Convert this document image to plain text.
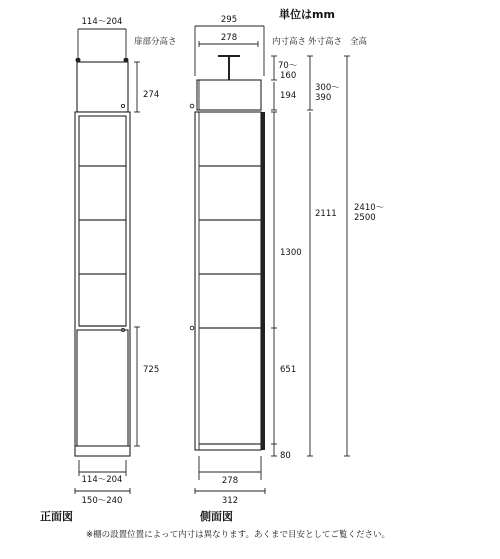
単位はmm
扉部分高さ	内寸高さ 外寸高さ 全高
114～204
274
725
114～204
150～240
正面図
295
278
278
312
側面図
70～ 160
194
1300
651
80
300～ 390
2111
2410～ 2500
※棚の設置位置によって内寸は異なります。あくまで目安としてご覧ください。
